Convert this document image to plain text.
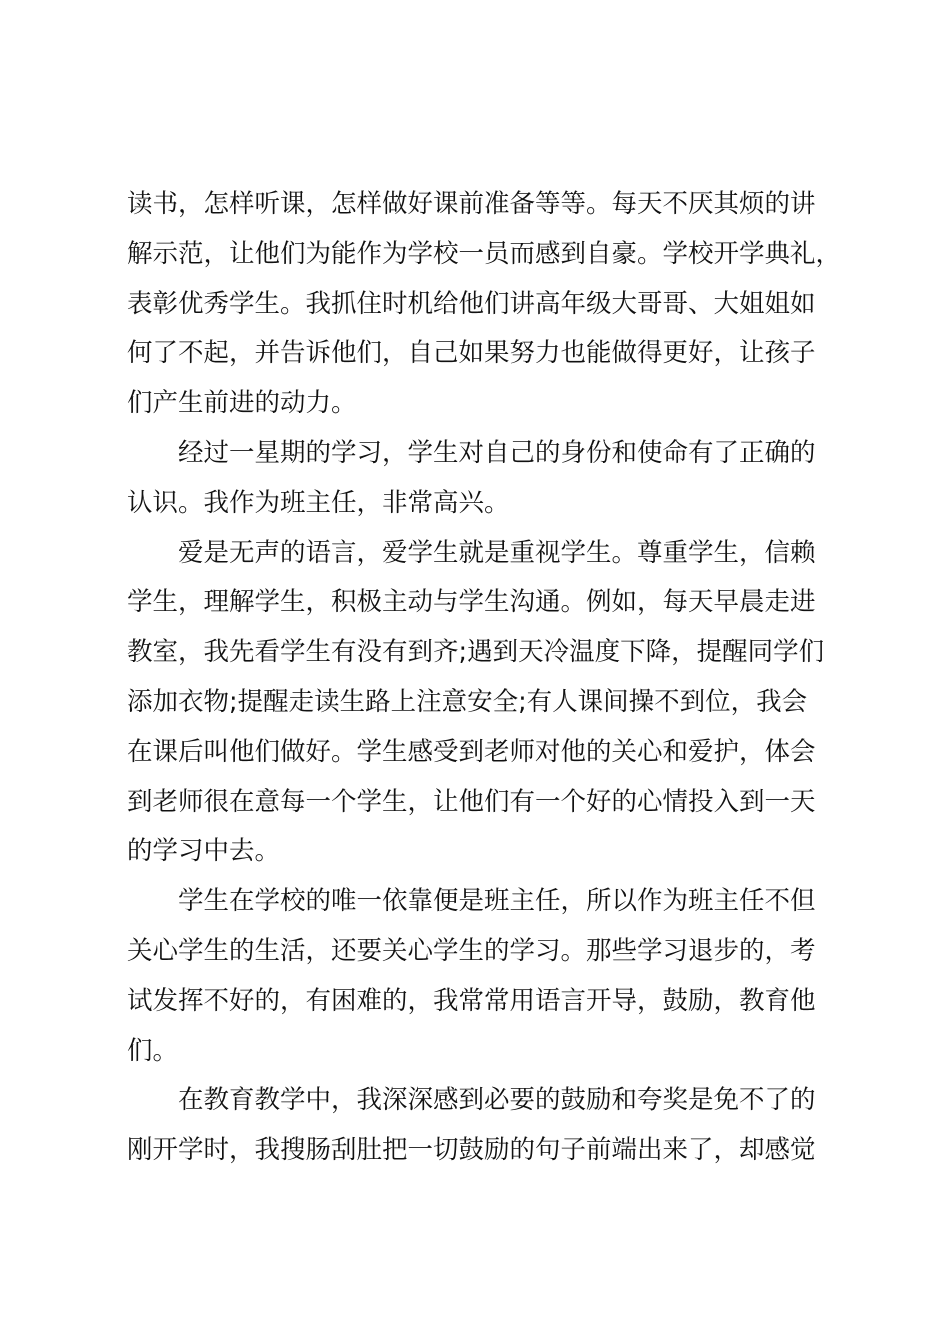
读书，怎样听课，怎样做好课前准备等等。每天不厌其烦的讲
解示范，让他们为能作为学校一员而感到自豪。学校开学典礼，
表彰优秀学生。我抓住时机给他们讲高年级大哥哥、大姐姐如
何了不起，并告诉他们，自己如果努力也能做得更好，让孩子
们产生前进的动力。
经过一星期的学习，学生对自己的身份和使命有了正确的
认识。我作为班主任，非常高兴。
爱是无声的语言，爱学生就是重视学生。尊重学生，信赖
学生，理解学生，积极主动与学生沟通。例如，每天早晨走进
教室，我先看学生有没有到齐;遇到天冷温度下降，提醒同学们
添加衣物;提醒走读生路上注意安全;有人课间操不到位，我会
在课后叫他们做好。学生感受到老师对他的关心和爱护，体会
到老师很在意每一个学生，让他们有一个好的心情投入到一天
的学习中去。
学生在学校的唯一依靠便是班主任，所以作为班主任不但
关心学生的生活，还要关心学生的学习。那些学习退步的，考
试发挥不好的，有困难的，我常常用语言开导，鼓励，教育他
们。
在教育教学中，我深深感到必要的鼓励和夸奖是免不了的
刚开学时，我搜肠刮肚把一切鼓励的句子前端出来了，却感觉
